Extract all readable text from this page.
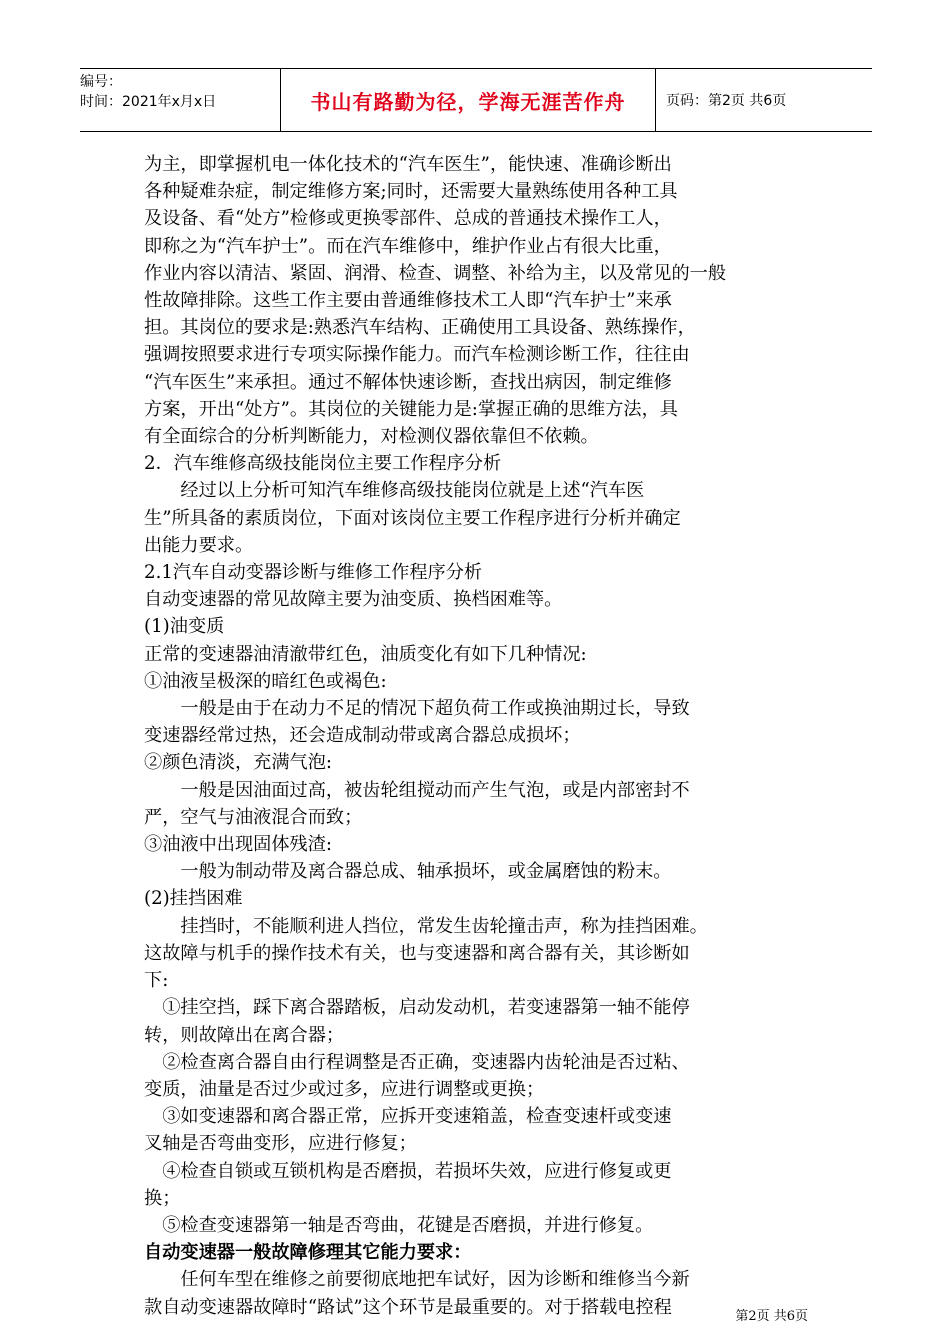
编号：
时间：2021年x月x日	书山有路勤为径，学海无涯苦作舟	页码：第2页 共6页

为主，即掌握机电一体化技术的“汽车医生”，能快速、准确诊断出

各种疑难杂症，制定维修方案;同时，还需要大量熟练使用各种工具

及设备、看“处方”检修或更换零部件、总成的普通技术操作工人，

即称之为“汽车护士”。而在汽车维修中，维护作业占有很大比重，

作业内容以清洁、紧固、润滑、检查、调整、补给为主，以及常见的一般

性故障排除。这些工作主要由普通维修技术工人即“汽车护士”来承

担。其岗位的要求是:熟悉汽车结构、正确使用工具设备、熟练操作，

强调按照要求进行专项实际操作能力。而汽车检测诊断工作，往往由

“汽车医生”来承担。通过不解体快速诊断，查找出病因，制定维修

方案，开出“处方”。其岗位的关键能力是:掌握正确的思维方法，具

有全面综合的分析判断能力，对检测仪器依靠但不依赖。

2．汽车维修高级技能岗位主要工作程序分析

　　经过以上分析可知汽车维修高级技能岗位就是上述“汽车医

生”所具备的素质岗位，下面对该岗位主要工作程序进行分析并确定

出能力要求。

2.1汽车自动变器诊断与维修工作程序分析

自动变速器的常见故障主要为油变质、换档困难等。

(1)油变质

正常的变速器油清澈带红色，油质变化有如下几种情况:

①油液呈极深的暗红色或褐色:

　　一般是由于在动力不足的情况下超负荷工作或换油期过长，导致

变速器经常过热，还会造成制动带或离合器总成损坏；

②颜色清淡，充满气泡:

　　一般是因油面过高，被齿轮组搅动而产生气泡，或是内部密封不

严，空气与油液混合而致；

③油液中出现固体残渣:

　　一般为制动带及离合器总成、轴承损坏，或金属磨蚀的粉末。

(2)挂挡困难

　　挂挡时，不能顺利进人挡位，常发生齿轮撞击声，称为挂挡困难。

这故障与机手的操作技术有关，也与变速器和离合器有关，其诊断如

下:

　①挂空挡，踩下离合器踏板，启动发动机，若变速器第一轴不能停

转，则故障出在离合器；

　②检查离合器自由行程调整是否正确，变速器内齿轮油是否过粘、

变质，油量是否过少或过多，应进行调整或更换；

　③如变速器和离合器正常，应拆开变速箱盖，检查变速杆或变速

叉轴是否弯曲变形，应进行修复；

　④检查自锁或互锁机构是否磨损，若损坏失效，应进行修复或更

换；

　⑤检查变速器第一轴是否弯曲，花键是否磨损，并进行修复。

自动变速器一般故障修理其它能力要求：

　　任何车型在维修之前要彻底地把车试好，因为诊断和维修当今新

款自动变速器故障时“路试”这个环节是最重要的。对于搭载电控程	第2页 共6页
